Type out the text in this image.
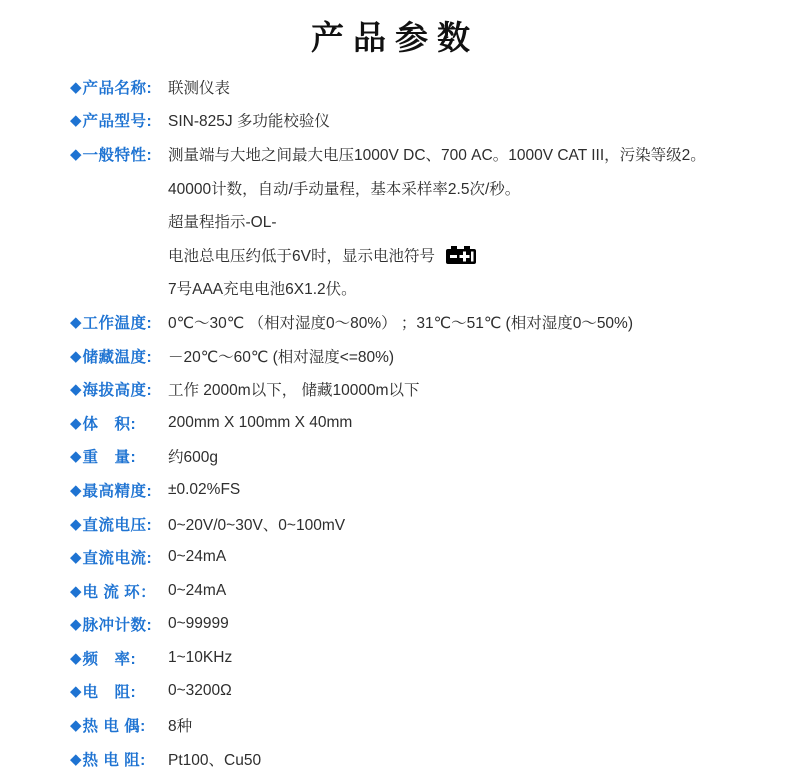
产品参数
◆ 产品名称: 联测仪表
◆ 产品型号: SIN-825J 多功能校验仪
◆ 一般特性: 测量端与大地之间最大电压1000V DC、700 AC。1000V CAT III，污染等级2。
40000计数，自动/手动量程，基本采样率2.5次/秒。
超量程指示-OL-
电池总电压约低于6V时，显示电池符号
7号AAA充电电池6X1.2伏。
◆ 工作温度: 0℃～30℃ （相对湿度0～80%） ；31℃～51℃ (相对湿度0～50%)
◆ 储藏温度: －20℃～60℃ (相对湿度<=80%)
◆ 海拔高度: 工作 2000m以下， 储藏10000m以下
◆ 体　积: 200mm X 100mm X 40mm
◆ 重　量: 约600g
◆ 最高精度: ±0.02%FS
◆ 直流电压: 0~20V/0~30V、0~100mV
◆ 直流电流: 0~24mA
◆ 电 流 环： 0~24mA
◆ 脉冲计数: 0~99999
◆ 频　率: 1~10KHz
◆ 电　阻: 0~3200Ω
◆ 热 电 偶: 8种
◆ 热 电 阻: Pt100、Cu50
